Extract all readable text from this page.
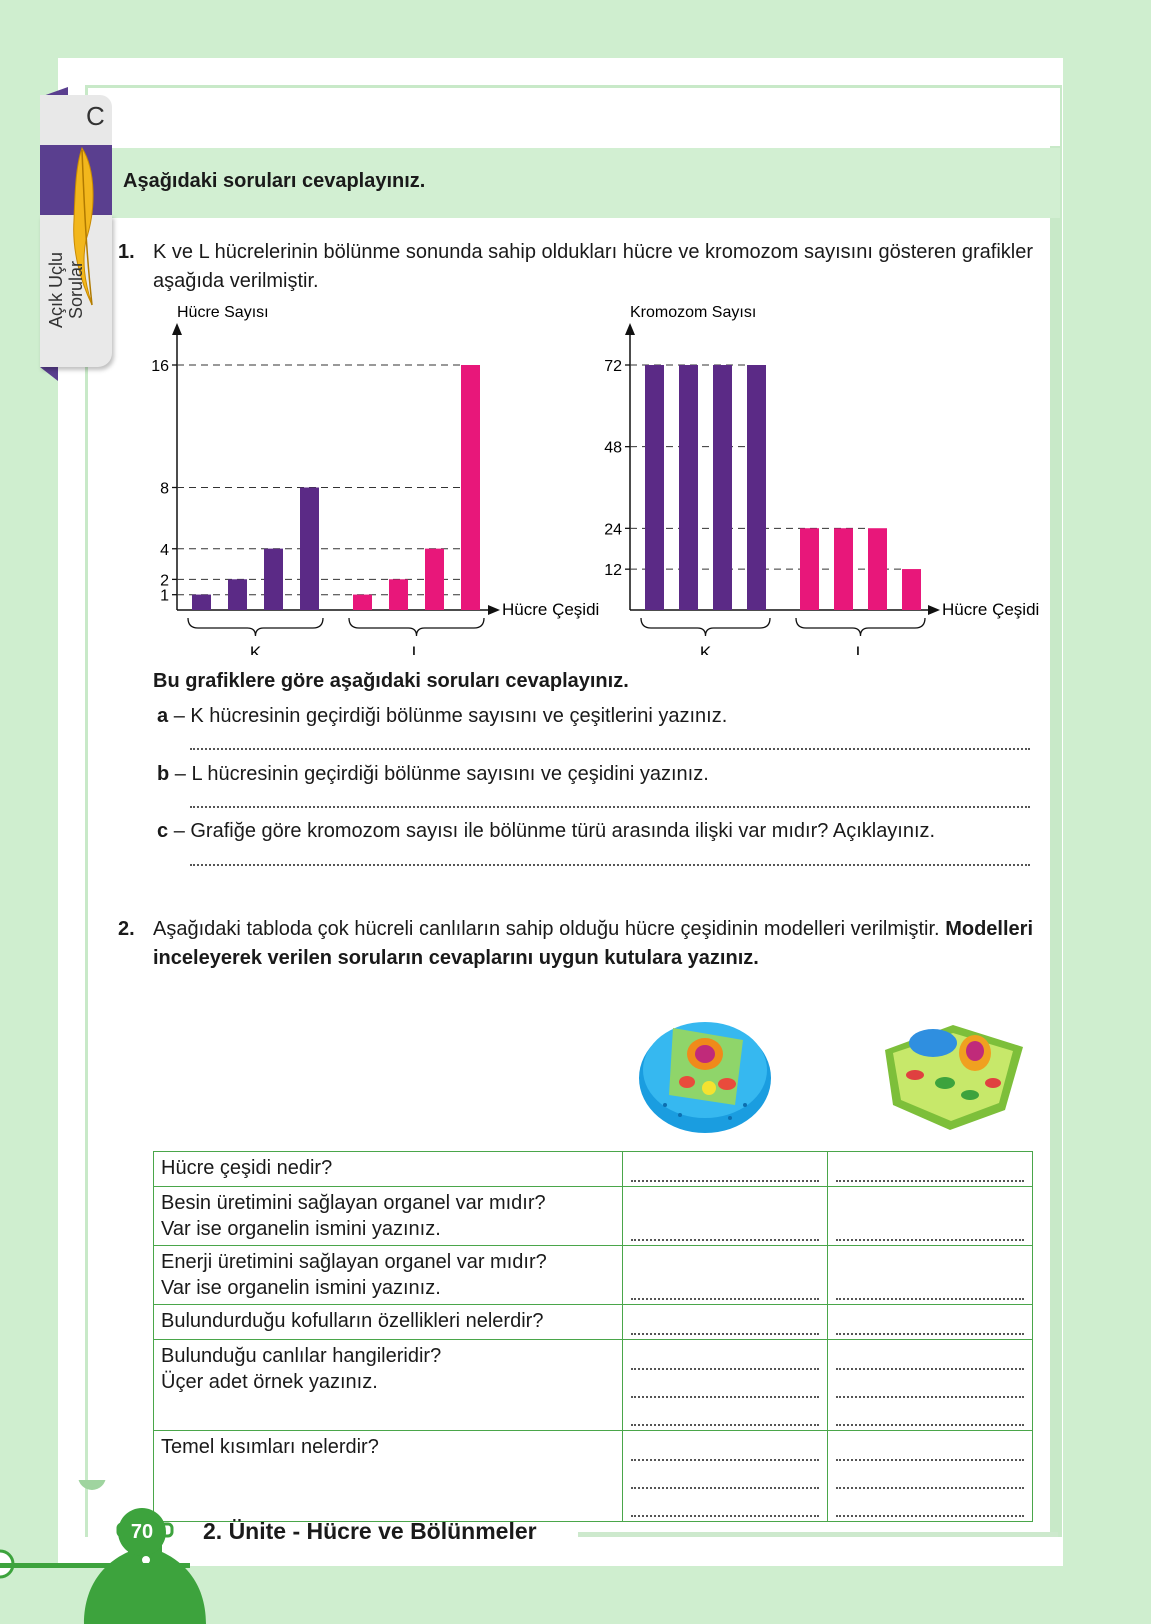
C
Açık Uçlu Sorular
Aşağıdaki soruları cevaplayınız.
1. K ve L hücrelerinin bölünme sonunda sahip oldukları hücre ve kromozom sayısını gösteren grafikler aşağıda verilmiştir.
Hücre Sayısı
Hücre Çeşidi
K	L
1
2
4
8
16
Kromozom Sayısı
Hücre Çeşidi
K	L
12
24
48
72
Bu grafiklere göre aşağıdaki soruları cevaplayınız.
a – K hücresinin geçirdiği bölünme sayısını ve çeşitlerini yazınız.
b – L hücresinin geçirdiği bölünme sayısını ve çeşidini yazınız.
c – Grafiğe göre kromozom sayısı ile bölünme türü arasında ilişki var mıdır? Açıklayınız.
2. Aşağıdaki tabloda çok hücreli canlıların sahip olduğu hücre çeşidinin modelleri verilmiştir. Modelleri inceleyerek verilen soruların cevaplarını uygun kutulara yazınız.
Hücre çeşidi nedir?		

Besin üretimini sağlayan organel var mıdır?
Var ise organelin ismini yazınız.		

Enerji üretimini sağlayan organel var mıdır?
Var ise organelin ismini yazınız.		

Bulundurduğu kofulların özellikleri nelerdir?		

Bulunduğu canlılar hangileridir?
Üçer adet örnek yazınız.		

Temel kısımları nelerdir?		

70	2. Ünite - Hücre ve Bölünmeler
